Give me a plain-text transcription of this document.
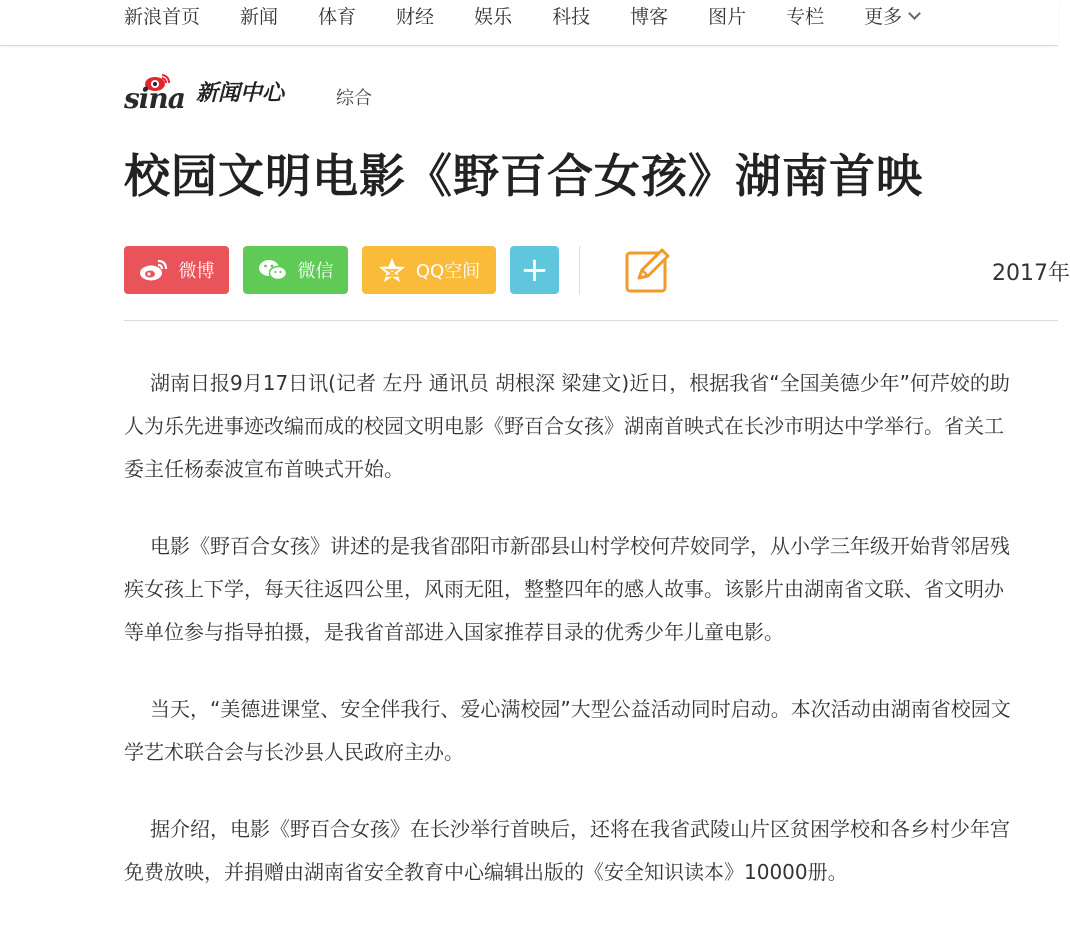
新浪首页 新闻 体育 财经 娱乐 科技 博客 图片 专栏 更多
sina 新闻中心	综合
校园文明电影《野百合女孩》湖南首映
微博	微信	QQ空间 +	2017年

湖南日报9月17日讯(记者 左丹 通讯员 胡根深 梁建文)近日，根据我省“全国美德少年”何芹姣的助人为乐先进事迹改编而成的校园文明电影《野百合女孩》湖南首映式在长沙市明达中学举行。省关工委主任杨泰波宣布首映式开始。

电影《野百合女孩》讲述的是我省邵阳市新邵县山村学校何芹姣同学，从小学三年级开始背邻居残疾女孩上下学，每天往返四公里，风雨无阻，整整四年的感人故事。该影片由湖南省文联、省文明办等单位参与指导拍摄，是我省首部进入国家推荐目录的优秀少年儿童电影。

当天，“美德进课堂、安全伴我行、爱心满校园”大型公益活动同时启动。本次活动由湖南省校园文学艺术联合会与长沙县人民政府主办。

据介绍，电影《野百合女孩》在长沙举行首映后，还将在我省武陵山片区贫困学校和各乡村少年宫免费放映，并捐赠由湖南省安全教育中心编辑出版的《安全知识读本》10000册。
